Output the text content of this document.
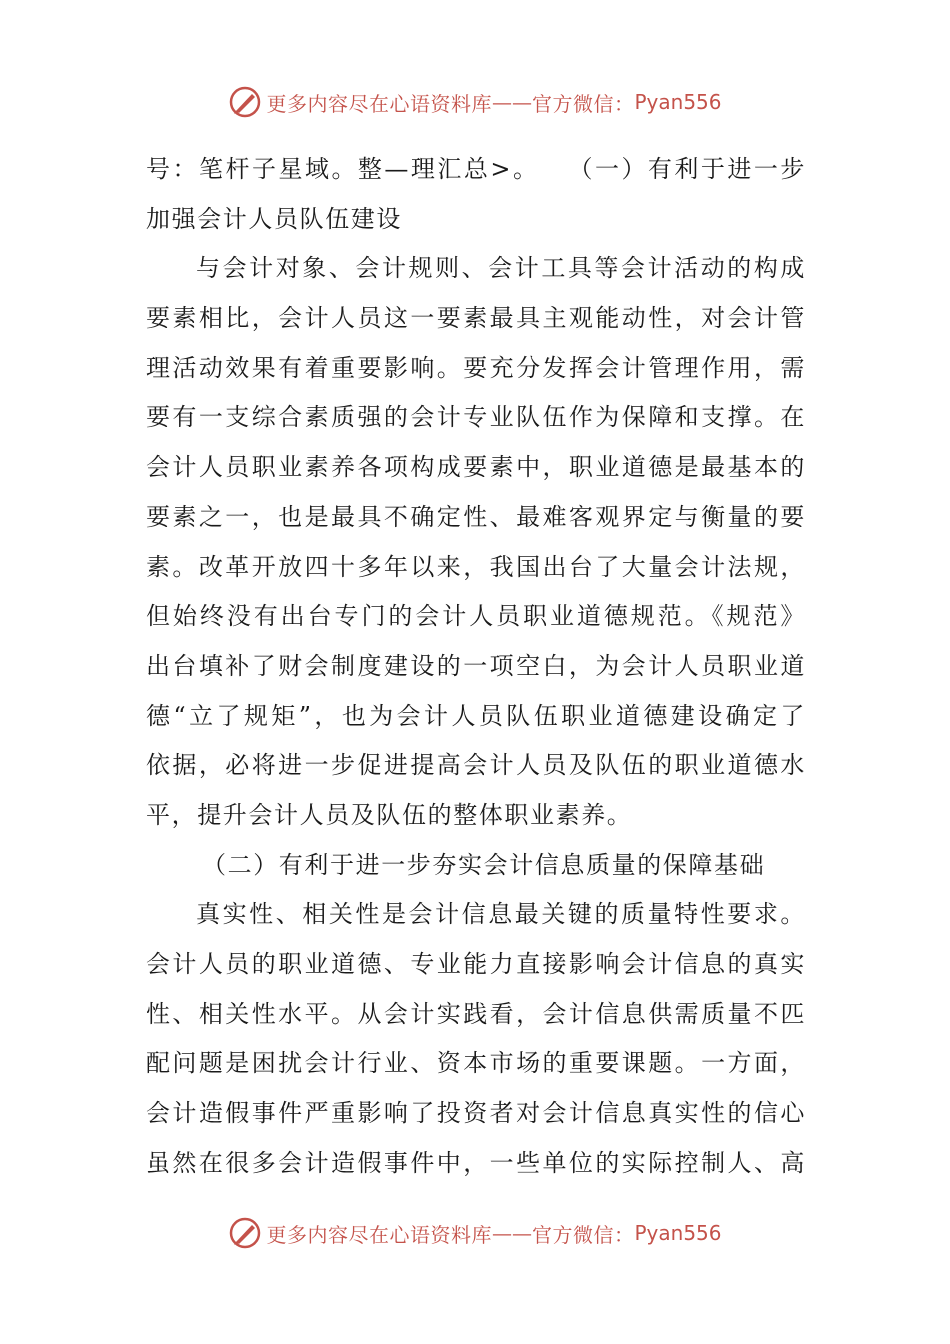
更多内容尽在心语资料库 —— 官方微信： Pyan556
号：笔杆子星域。整—理汇总>。　　（一）有利于进一步
加强会计人员队伍建设
与会计对象、会计规则、会计工具等会计活动的构成
要素相比，会计人员这一要素最具主观能动性，对会计管
理活动效果有着重要影响。要充分发挥会计管理作用，需
要有一支综合素质强的会计专业队伍作为保障和支撑。在
会计人员职业素养各项构成要素中，职业道德是最基本的
要素之一，也是最具不确定性、最难客观界定与衡量的要
素。改革开放四十多年以来，我国出台了大量会计法规，
但始终没有出台专门的会计人员职业道德规范。《规范》
出台填补了财会制度建设的一项空白，为会计人员职业道
德“立了规矩”，也为会计人员队伍职业道德建设确定了
依据，必将进一步促进提高会计人员及队伍的职业道德水
平，提升会计人员及队伍的整体职业素养。
（二）有利于进一步夯实会计信息质量的保障基础
真实性、相关性是会计信息最关键的质量特性要求。
会计人员的职业道德、专业能力直接影响会计信息的真实
性、相关性水平。从会计实践看，会计信息供需质量不匹
配问题是困扰会计行业、资本市场的重要课题。一方面，
会计造假事件严重影响了投资者对会计信息真实性的信心
虽然在很多会计造假事件中，一些单位的实际控制人、高
更多内容尽在心语资料库 —— 官方微信： Pyan556
